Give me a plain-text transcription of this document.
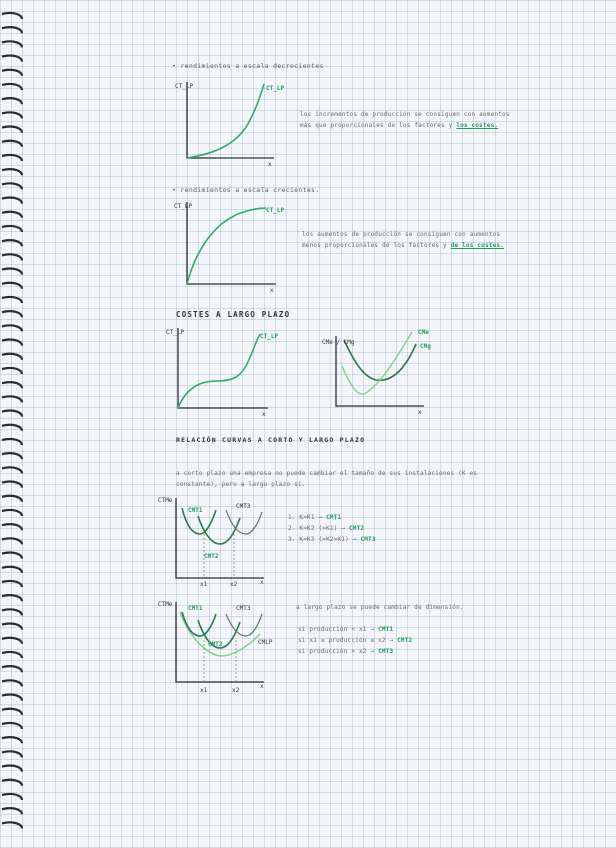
• rendimientos a escala decrecientes
CT_LP	CT_LP
x
los incrementos de producción se consiguen con aumentos
más que proporcionales de los factores y los costes.
• rendimientos a escala crecientes.
CT_LP
CT_LP
x
los aumentos de producción se consiguen con aumentos
menos proporcionales de los factores y de los costes.
COSTES A LARGO PLAZO
CT_LP
CT_LP
x
CMe / CMg
CMe
CMg
x
RELACIÓN CURVAS A CORTO Y LARGO PLAZO
a corto plazo una empresa no puede cambiar el tamaño de sus instalaciones (K es
constante), pero a largo plazo sí.
CTMe
CMT1
CMT2
CMT3
x
x1	x2
1. K=K1 → CMT1
2. K=K2 (>K1) → CMT2
3. K=K3 (>K2>K1) → CMT3
CTMe
CMT1
CMT2
CMT3
CMLP
x
x1	x2
a largo plazo se puede cambiar de dimensión.
si producción < x1 → CMT1
si x1 ≤ producción ≤ x2 → CMT2
si producción > x2 → CMT3
